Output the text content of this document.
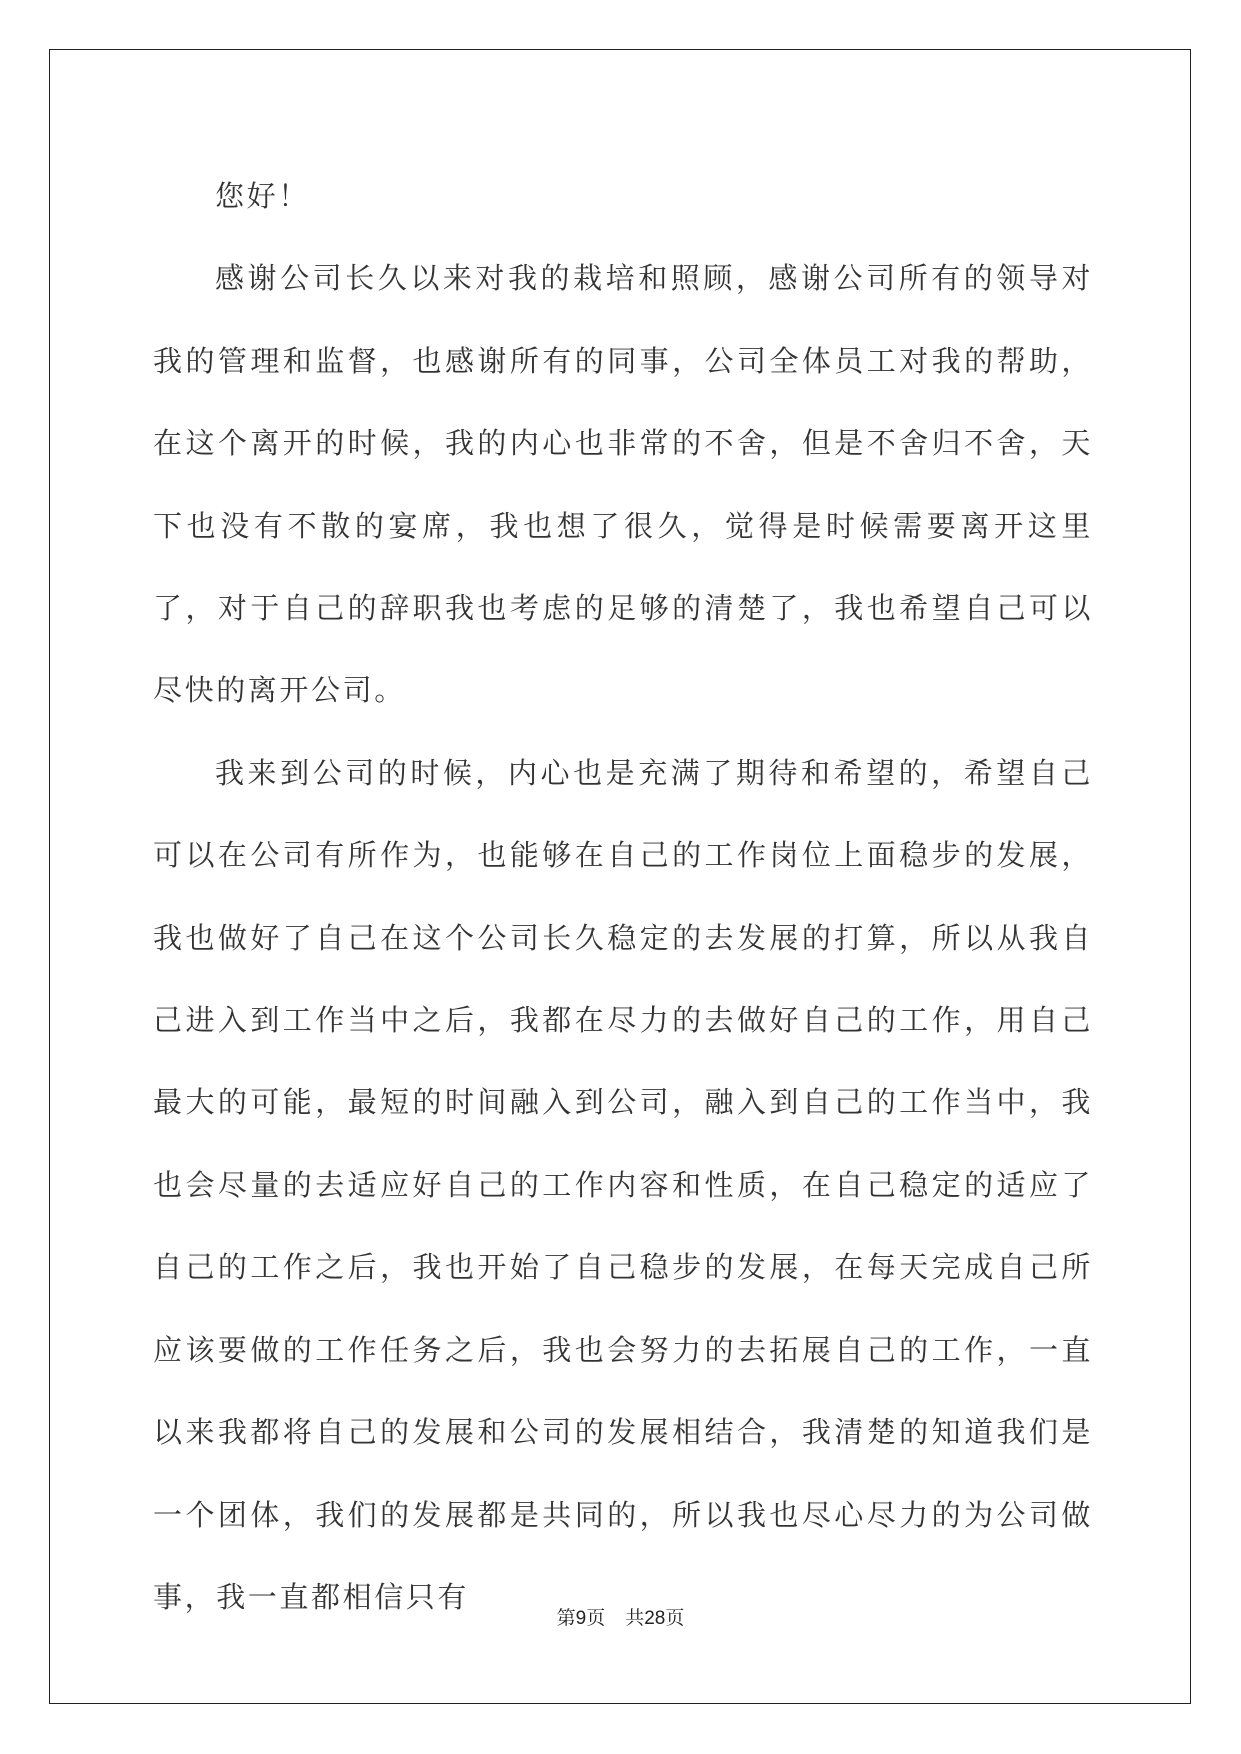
您好！

感谢公司长久以来对我的栽培和照顾，感谢公司所有的领导对我的管理和监督，也感谢所有的同事，公司全体员工对我的帮助，在这个离开的时候，我的内心也非常的不舍，但是不舍归不舍，天下也没有不散的宴席，我也想了很久，觉得是时候需要离开这里了，对于自己的辞职我也考虑的足够的清楚了，我也希望自己可以尽快的离开公司。

我来到公司的时候，内心也是充满了期待和希望的，希望自己可以在公司有所作为，也能够在自己的工作岗位上面稳步的发展，我也做好了自己在这个公司长久稳定的去发展的打算，所以从我自己进入到工作当中之后，我都在尽力的去做好自己的工作，用自己最大的可能，最短的时间融入到公司，融入到自己的工作当中，我也会尽量的去适应好自己的工作内容和性质，在自己稳定的适应了自己的工作之后，我也开始了自己稳步的发展，在每天完成自己所应该要做的工作任务之后，我也会努力的去拓展自己的工作，一直以来我都将自己的发展和公司的发展相结合，我清楚的知道我们是一个团体，我们的发展都是共同的，所以我也尽心尽力的为公司做事，我一直都相信只有

第9页 共28页
